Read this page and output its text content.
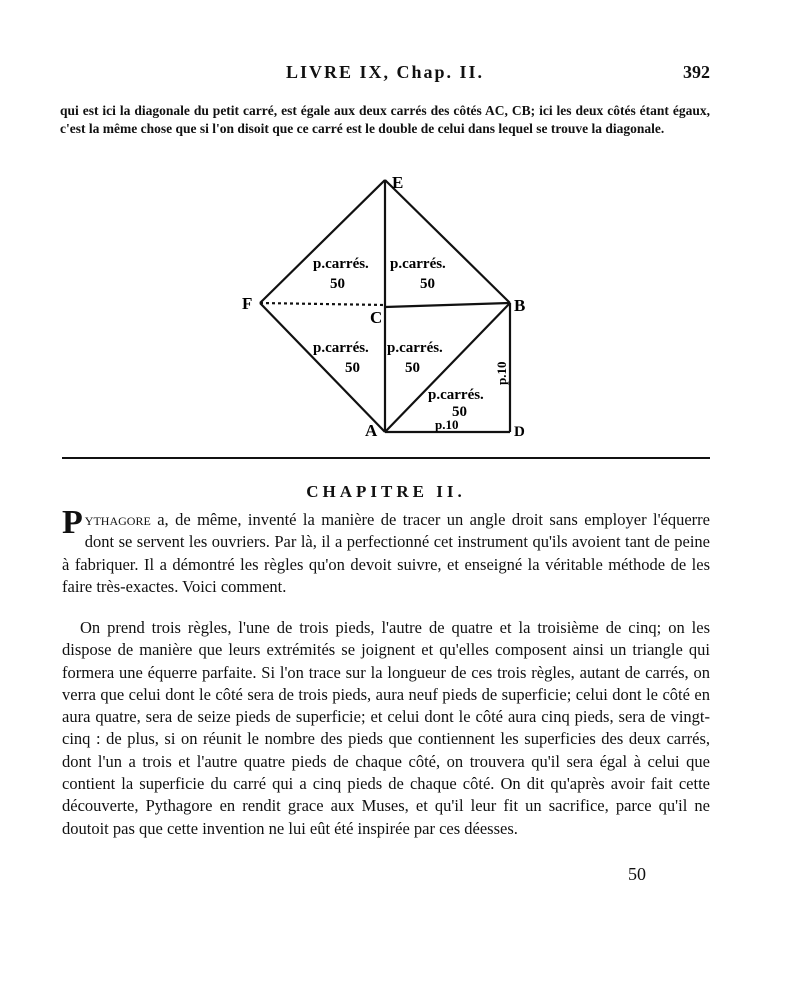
LIVRE IX, Chap. II.	392
qui est ici la diagonale du petit carré, est égale aux deux carrés des côtés AC, CB; ici les deux côtés étant égaux, c'est la même chose que si l'on disoit que ce carré est le double de celui dans lequel se trouve la diagonale.
E
F
C
B
A	D
p.carrés.
50
p.carrés.
50
p.carrés.
50
p.carrés.
50
p.carrés.
50
p.10
p.10
CHAPITRE II.
Pythagore a, de même, inventé la manière de tracer un angle droit sans employer l'équerre dont se servent les ouvriers. Par là, il a perfectionné cet instrument qu'ils avoient tant de peine à fabriquer. Il a démontré les règles qu'on devoit suivre, et enseigné la véritable méthode de les faire très-exactes. Voici comment.
On prend trois règles, l'une de trois pieds, l'autre de quatre et la troisième de cinq; on les dispose de manière que leurs extrémités se joignent et qu'elles composent ainsi un triangle qui formera une équerre parfaite. Si l'on trace sur la longueur de ces trois règles, autant de carrés, on verra que celui dont le côté sera de trois pieds, aura neuf pieds de superficie; celui dont le côté en aura quatre, sera de seize pieds de superficie; et celui dont le côté aura cinq pieds, sera de vingt-cinq : de plus, si on réunit le nombre des pieds que contiennent les superficies des deux carrés, dont l'un a trois et l'autre quatre pieds de chaque côté, on trouvera qu'il sera égal à celui que contient la superficie du carré qui a cinq pieds de chaque côté. On dit qu'après avoir fait cette découverte, Pythagore en rendit grace aux Muses, et qu'il leur fit un sacrifice, parce qu'il ne doutoit pas que cette invention ne lui eût été inspirée par ces déesses.
50
